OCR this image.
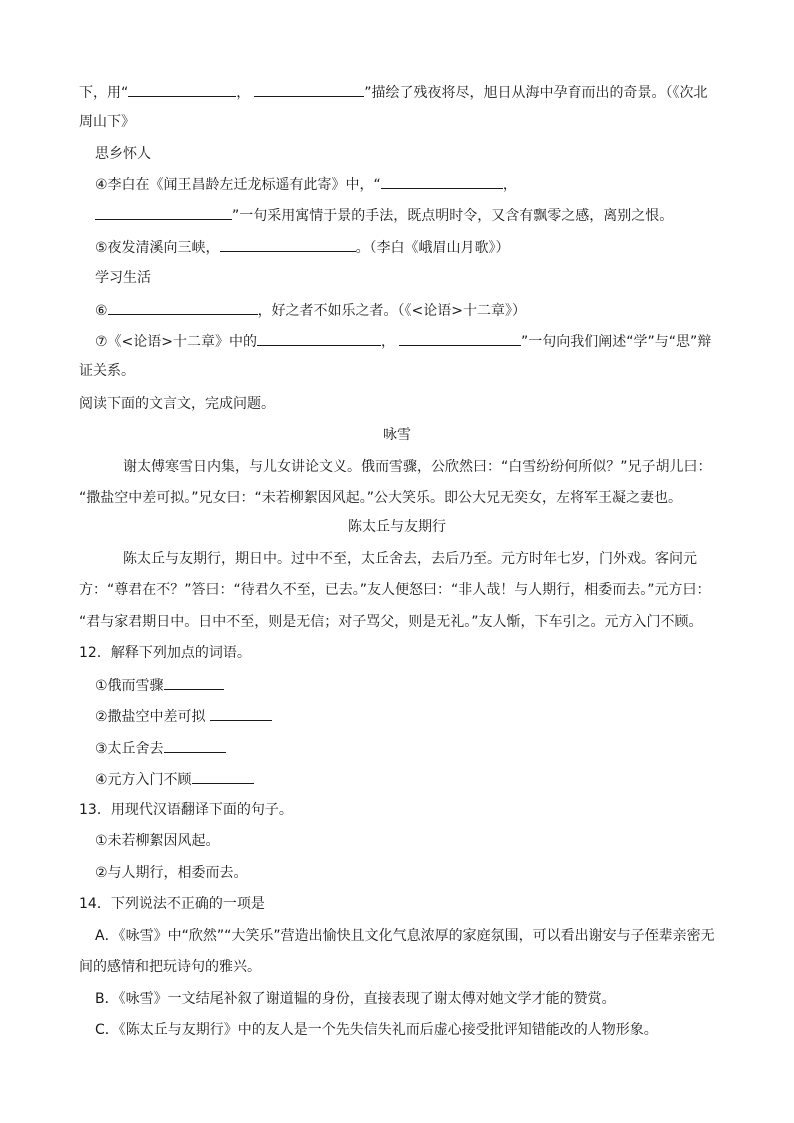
下，用“	，	”描绘了残夜将尽，旭日从海中孕育而出的奇景。（《次北
周山下》
思乡怀人
④李白在《闻王昌龄左迁龙标遥有此寄》中，“	，
”一句采用寓情于景的手法，既点明时令，又含有飘零之感，离别之恨。
⑤夜发清溪向三峡，	。（李白《峨眉山月歌》）
学习生活
⑥	，好之者不如乐之者。（《<论语>十二章》）
⑦《<论语>十二章》中的	，	”一句向我们阐述“学”与“思”辩
证关系。
阅读下面的文言文，完成问题。
咏雪
谢太傅寒雪日内集，与儿女讲论文义。俄而雪骤，公欣然曰：“白雪纷纷何所似？”兄子胡儿曰：
“撒盐空中差可拟。”兄女曰：“未若柳絮因风起。”公大笑乐。即公大兄无奕女，左将军王凝之妻也。
陈太丘与友期行
陈太丘与友期行，期日中。过中不至，太丘舍去，去后乃至。元方时年七岁，门外戏。客问元
方：“尊君在不？”答曰：“待君久不至，已去。”友人便怒曰：“非人哉！与人期行，相委而去。”元方曰：
“君与家君期日中。日中不至，则是无信；对子骂父，则是无礼。”友人惭，下车引之。元方入门不顾。
12．解释下列加点的词语。
①俄而雪骤
②撒盐空中差可拟
③太丘舍去
④元方入门不顾
13．用现代汉语翻译下面的句子。
①未若柳絮因风起。
②与人期行，相委而去。
14．下列说法不正确的一项是
A．《咏雪》中“欣然”“大笑乐”营造出愉快且文化气息浓厚的家庭氛围，可以看出谢安与子侄辈亲密无
间的感情和把玩诗句的雅兴。
B．《咏雪》一文结尾补叙了谢道韫的身份，直接表现了谢太傅对她文学才能的赞赏。
C．《陈太丘与友期行》中的友人是一个先失信失礼而后虚心接受批评知错能改的人物形象。
